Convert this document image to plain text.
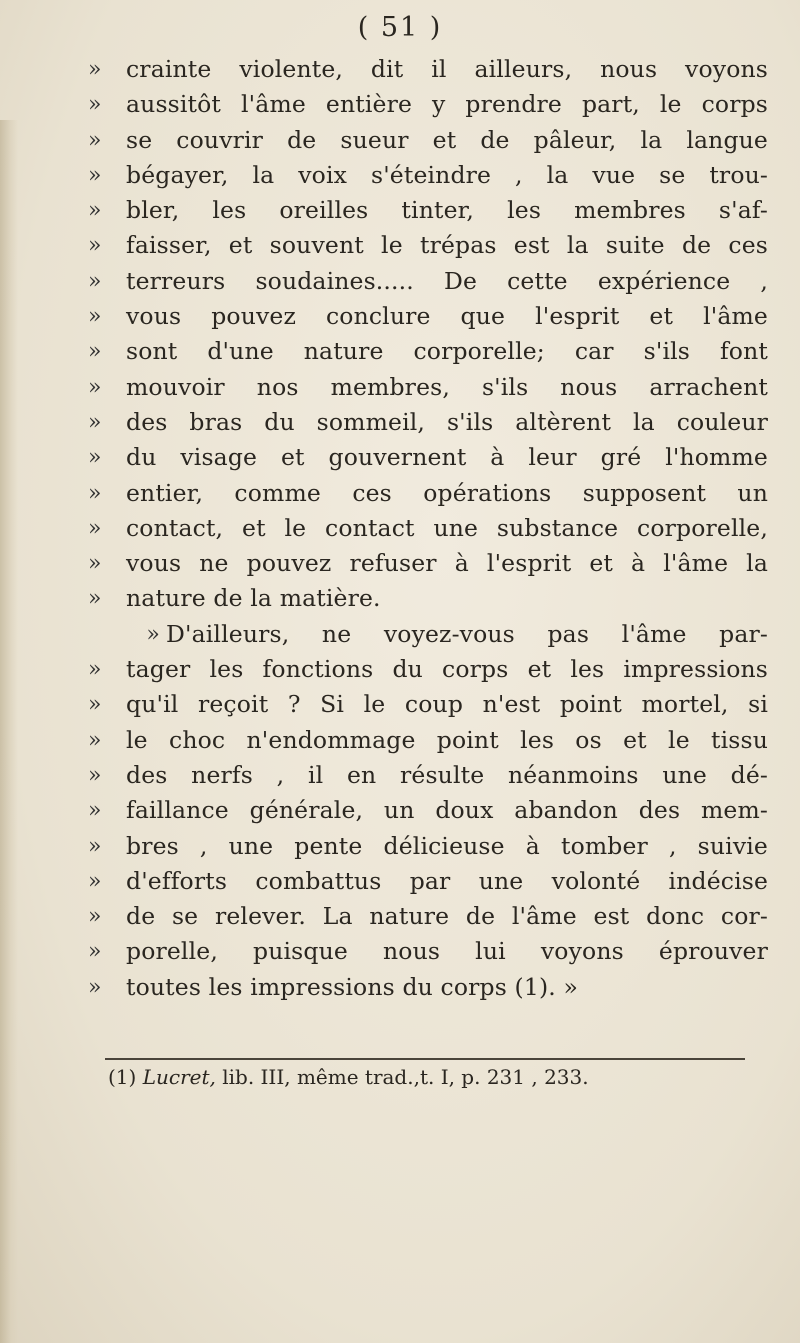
( 51 )
»	crainte violente, dit il ailleurs, nous voyons
»	aussitôt l'âme entière y prendre part, le corps
»	se couvrir de sueur et de pâleur, la langue
»	bégayer, la voix s'éteindre , la vue se trou-
»	bler, les oreilles tinter, les membres s'af-
»	faisser, et souvent le trépas est la suite de ces
»	terreurs soudaines..... De cette expérience ,
»	vous pouvez conclure que l'esprit et l'âme
»	sont d'une nature corporelle; car s'ils font
»	mouvoir nos membres, s'ils nous arrachent
»	des bras du sommeil, s'ils altèrent la couleur
»	du visage et gouvernent à leur gré l'homme
»	entier, comme ces opérations supposent un
»	contact, et le contact une substance corporelle,
»	vous ne pouvez refuser à l'esprit et à l'âme la
»	nature de la matière.
» D'ailleurs, ne voyez-vous pas l'âme par-
»	tager les fonctions du corps et les impressions
»	qu'il reçoit ? Si le coup n'est point mortel, si
»	le choc n'endommage point les os et le tissu
»	des nerfs , il en résulte néanmoins une dé-
»	faillance générale, un doux abandon des mem-
»	bres , une pente délicieuse à tomber , suivie
»	d'efforts combattus par une volonté indécise
»	de se relever. La nature de l'âme est donc cor-
»	porelle, puisque nous lui voyons éprouver
»	toutes les impressions du corps (1). »
(1) Lucret, lib. III, même trad.,t. I, p. 231 , 233.
